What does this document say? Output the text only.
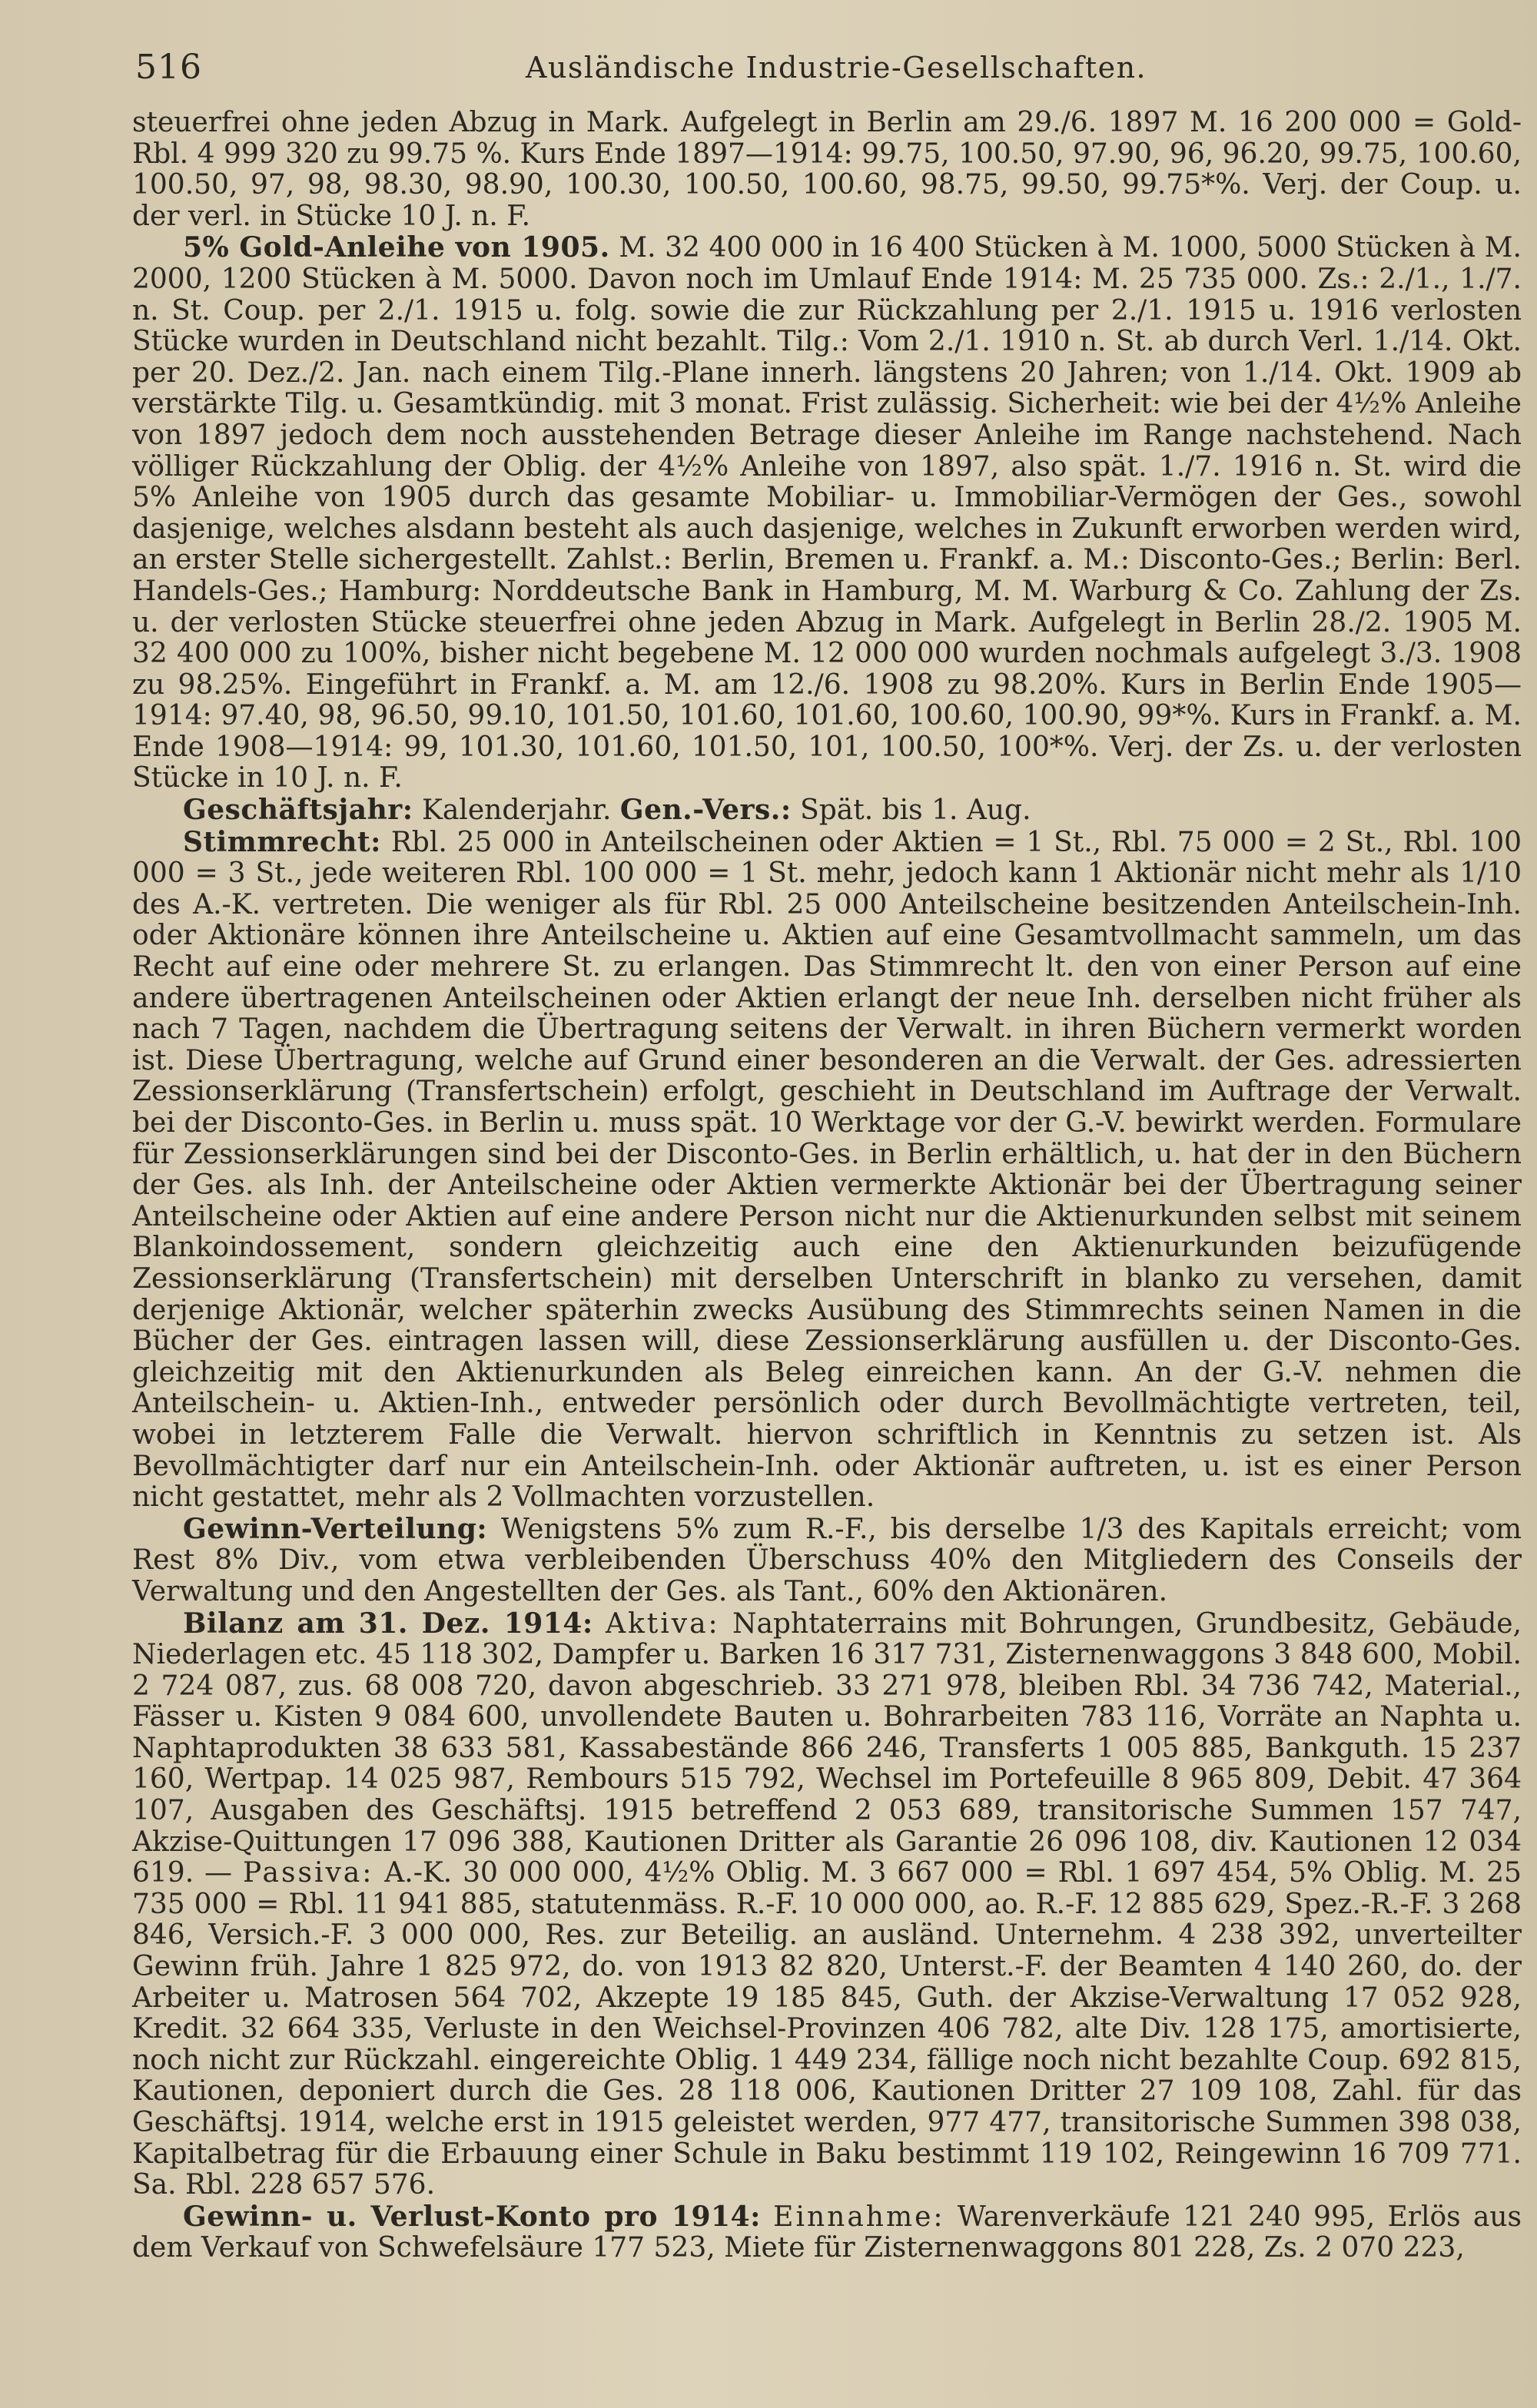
516	Ausländische Industrie-Gesellschaften.

steuerfrei ohne jeden Abzug in Mark. Aufgelegt in Berlin am 29./6. 1897 M. 16 200 000 = Gold-Rbl. 4 999 320 zu 99.75 %. Kurs Ende 1897—1914: 99.75, 100.50, 97.90, 96, 96.20, 99.75, 100.60, 100.50, 97, 98, 98.30, 98.90, 100.30, 100.50, 100.60, 98.75, 99.50, 99.75*%. Verj. der Coup. u. der verl. in Stücke 10 J. n. F.

5% Gold-Anleihe von 1905. M. 32 400 000 in 16 400 Stücken à M. 1000, 5000 Stücken à M. 2000, 1200 Stücken à M. 5000. Davon noch im Umlauf Ende 1914: M. 25 735 000. Zs.: 2./1., 1./7. n. St. Coup. per 2./1. 1915 u. folg. sowie die zur Rückzahlung per 2./1. 1915 u. 1916 verlosten Stücke wurden in Deutschland nicht bezahlt. Tilg.: Vom 2./1. 1910 n. St. ab durch Verl. 1./14. Okt. per 20. Dez./2. Jan. nach einem Tilg.-Plane innerh. längstens 20 Jahren; von 1./14. Okt. 1909 ab verstärkte Tilg. u. Gesamtkündig. mit 3 monat. Frist zulässig. Sicherheit: wie bei der 4½% Anleihe von 1897 jedoch dem noch ausstehenden Betrage dieser Anleihe im Range nachstehend. Nach völliger Rückzahlung der Oblig. der 4½% Anleihe von 1897, also spät. 1./7. 1916 n. St. wird die 5% Anleihe von 1905 durch das gesamte Mobiliar- u. Immobiliar-Vermögen der Ges., sowohl dasjenige, welches alsdann besteht als auch dasjenige, welches in Zukunft erworben werden wird, an erster Stelle sichergestellt. Zahlst.: Berlin, Bremen u. Frankf. a. M.: Disconto-Ges.; Berlin: Berl. Handels-Ges.; Hamburg: Norddeutsche Bank in Hamburg, M. M. Warburg & Co. Zahlung der Zs. u. der verlosten Stücke steuerfrei ohne jeden Abzug in Mark. Aufgelegt in Berlin 28./2. 1905 M. 32 400 000 zu 100%, bisher nicht begebene M. 12 000 000 wurden nochmals aufgelegt 3./3. 1908 zu 98.25%. Eingeführt in Frankf. a. M. am 12./6. 1908 zu 98.20%. Kurs in Berlin Ende 1905—1914: 97.40, 98, 96.50, 99.10, 101.50, 101.60, 101.60, 100.60, 100.90, 99*%. Kurs in Frankf. a. M. Ende 1908—1914: 99, 101.30, 101.60, 101.50, 101, 100.50, 100*%. Verj. der Zs. u. der verlosten Stücke in 10 J. n. F.

Geschäftsjahr: Kalenderjahr. Gen.-Vers.: Spät. bis 1. Aug.

Stimmrecht: Rbl. 25 000 in Anteilscheinen oder Aktien = 1 St., Rbl. 75 000 = 2 St., Rbl. 100 000 = 3 St., jede weiteren Rbl. 100 000 = 1 St. mehr, jedoch kann 1 Aktionär nicht mehr als 1/10 des A.-K. vertreten. Die weniger als für Rbl. 25 000 Anteilscheine besitzenden Anteilschein-Inh. oder Aktionäre können ihre Anteilscheine u. Aktien auf eine Gesamtvollmacht sammeln, um das Recht auf eine oder mehrere St. zu erlangen. Das Stimmrecht lt. den von einer Person auf eine andere übertragenen Anteilscheinen oder Aktien erlangt der neue Inh. derselben nicht früher als nach 7 Tagen, nachdem die Übertragung seitens der Verwalt. in ihren Büchern vermerkt worden ist. Diese Übertragung, welche auf Grund einer besonderen an die Verwalt. der Ges. adressierten Zessionserklärung (Transfertschein) erfolgt, geschieht in Deutschland im Auftrage der Verwalt. bei der Disconto-Ges. in Berlin u. muss spät. 10 Werktage vor der G.-V. bewirkt werden. Formulare für Zessionserklärungen sind bei der Disconto-Ges. in Berlin erhältlich, u. hat der in den Büchern der Ges. als Inh. der Anteilscheine oder Aktien vermerkte Aktionär bei der Übertragung seiner Anteilscheine oder Aktien auf eine andere Person nicht nur die Aktienurkunden selbst mit seinem Blankoindossement, sondern gleichzeitig auch eine den Aktienurkunden beizufügende Zessionserklärung (Transfertschein) mit derselben Unterschrift in blanko zu versehen, damit derjenige Aktionär, welcher späterhin zwecks Ausübung des Stimmrechts seinen Namen in die Bücher der Ges. eintragen lassen will, diese Zessionserklärung ausfüllen u. der Disconto-Ges. gleichzeitig mit den Aktienurkunden als Beleg einreichen kann. An der G.-V. nehmen die Anteilschein- u. Aktien-Inh., entweder persönlich oder durch Bevollmächtigte vertreten, teil, wobei in letzterem Falle die Verwalt. hiervon schriftlich in Kenntnis zu setzen ist. Als Bevollmächtigter darf nur ein Anteilschein-Inh. oder Aktionär auftreten, u. ist es einer Person nicht gestattet, mehr als 2 Vollmachten vorzustellen.

Gewinn-Verteilung: Wenigstens 5% zum R.-F., bis derselbe 1/3 des Kapitals erreicht; vom Rest 8% Div., vom etwa verbleibenden Überschuss 40% den Mitgliedern des Conseils der Verwaltung und den Angestellten der Ges. als Tant., 60% den Aktionären.

Bilanz am 31. Dez. 1914: Aktiva: Naphtaterrains mit Bohrungen, Grundbesitz, Gebäude, Niederlagen etc. 45 118 302, Dampfer u. Barken 16 317 731, Zisternenwaggons 3 848 600, Mobil. 2 724 087, zus. 68 008 720, davon abgeschrieb. 33 271 978, bleiben Rbl. 34 736 742, Material., Fässer u. Kisten 9 084 600, unvollendete Bauten u. Bohrarbeiten 783 116, Vorräte an Naphta u. Naphtaprodukten 38 633 581, Kassabestände 866 246, Transferts 1 005 885, Bankguth. 15 237 160, Wertpap. 14 025 987, Rembours 515 792, Wechsel im Portefeuille 8 965 809, Debit. 47 364 107, Ausgaben des Geschäftsj. 1915 betreffend 2 053 689, transitorische Summen 157 747, Akzise-Quittungen 17 096 388, Kautionen Dritter als Garantie 26 096 108, div. Kautionen 12 034 619. — Passiva: A.-K. 30 000 000, 4½% Oblig. M. 3 667 000 = Rbl. 1 697 454, 5% Oblig. M. 25 735 000 = Rbl. 11 941 885, statutenmäss. R.-F. 10 000 000, ao. R.-F. 12 885 629, Spez.-R.-F. 3 268 846, Versich.-F. 3 000 000, Res. zur Beteilig. an ausländ. Unternehm. 4 238 392, unverteilter Gewinn früh. Jahre 1 825 972, do. von 1913 82 820, Unterst.-F. der Beamten 4 140 260, do. der Arbeiter u. Matrosen 564 702, Akzepte 19 185 845, Guth. der Akzise-Verwaltung 17 052 928, Kredit. 32 664 335, Verluste in den Weichsel-Provinzen 406 782, alte Div. 128 175, amortisierte, noch nicht zur Rückzahl. eingereichte Oblig. 1 449 234, fällige noch nicht bezahlte Coup. 692 815, Kautionen, deponiert durch die Ges. 28 118 006, Kautionen Dritter 27 109 108, Zahl. für das Geschäftsj. 1914, welche erst in 1915 geleistet werden, 977 477, transitorische Summen 398 038, Kapitalbetrag für die Erbauung einer Schule in Baku bestimmt 119 102, Reingewinn 16 709 771. Sa. Rbl. 228 657 576.

Gewinn- u. Verlust-Konto pro 1914: Einnahme: Warenverkäufe 121 240 995, Erlös aus dem Verkauf von Schwefelsäure 177 523, Miete für Zisternenwaggons 801 228, Zs. 2 070 223,
